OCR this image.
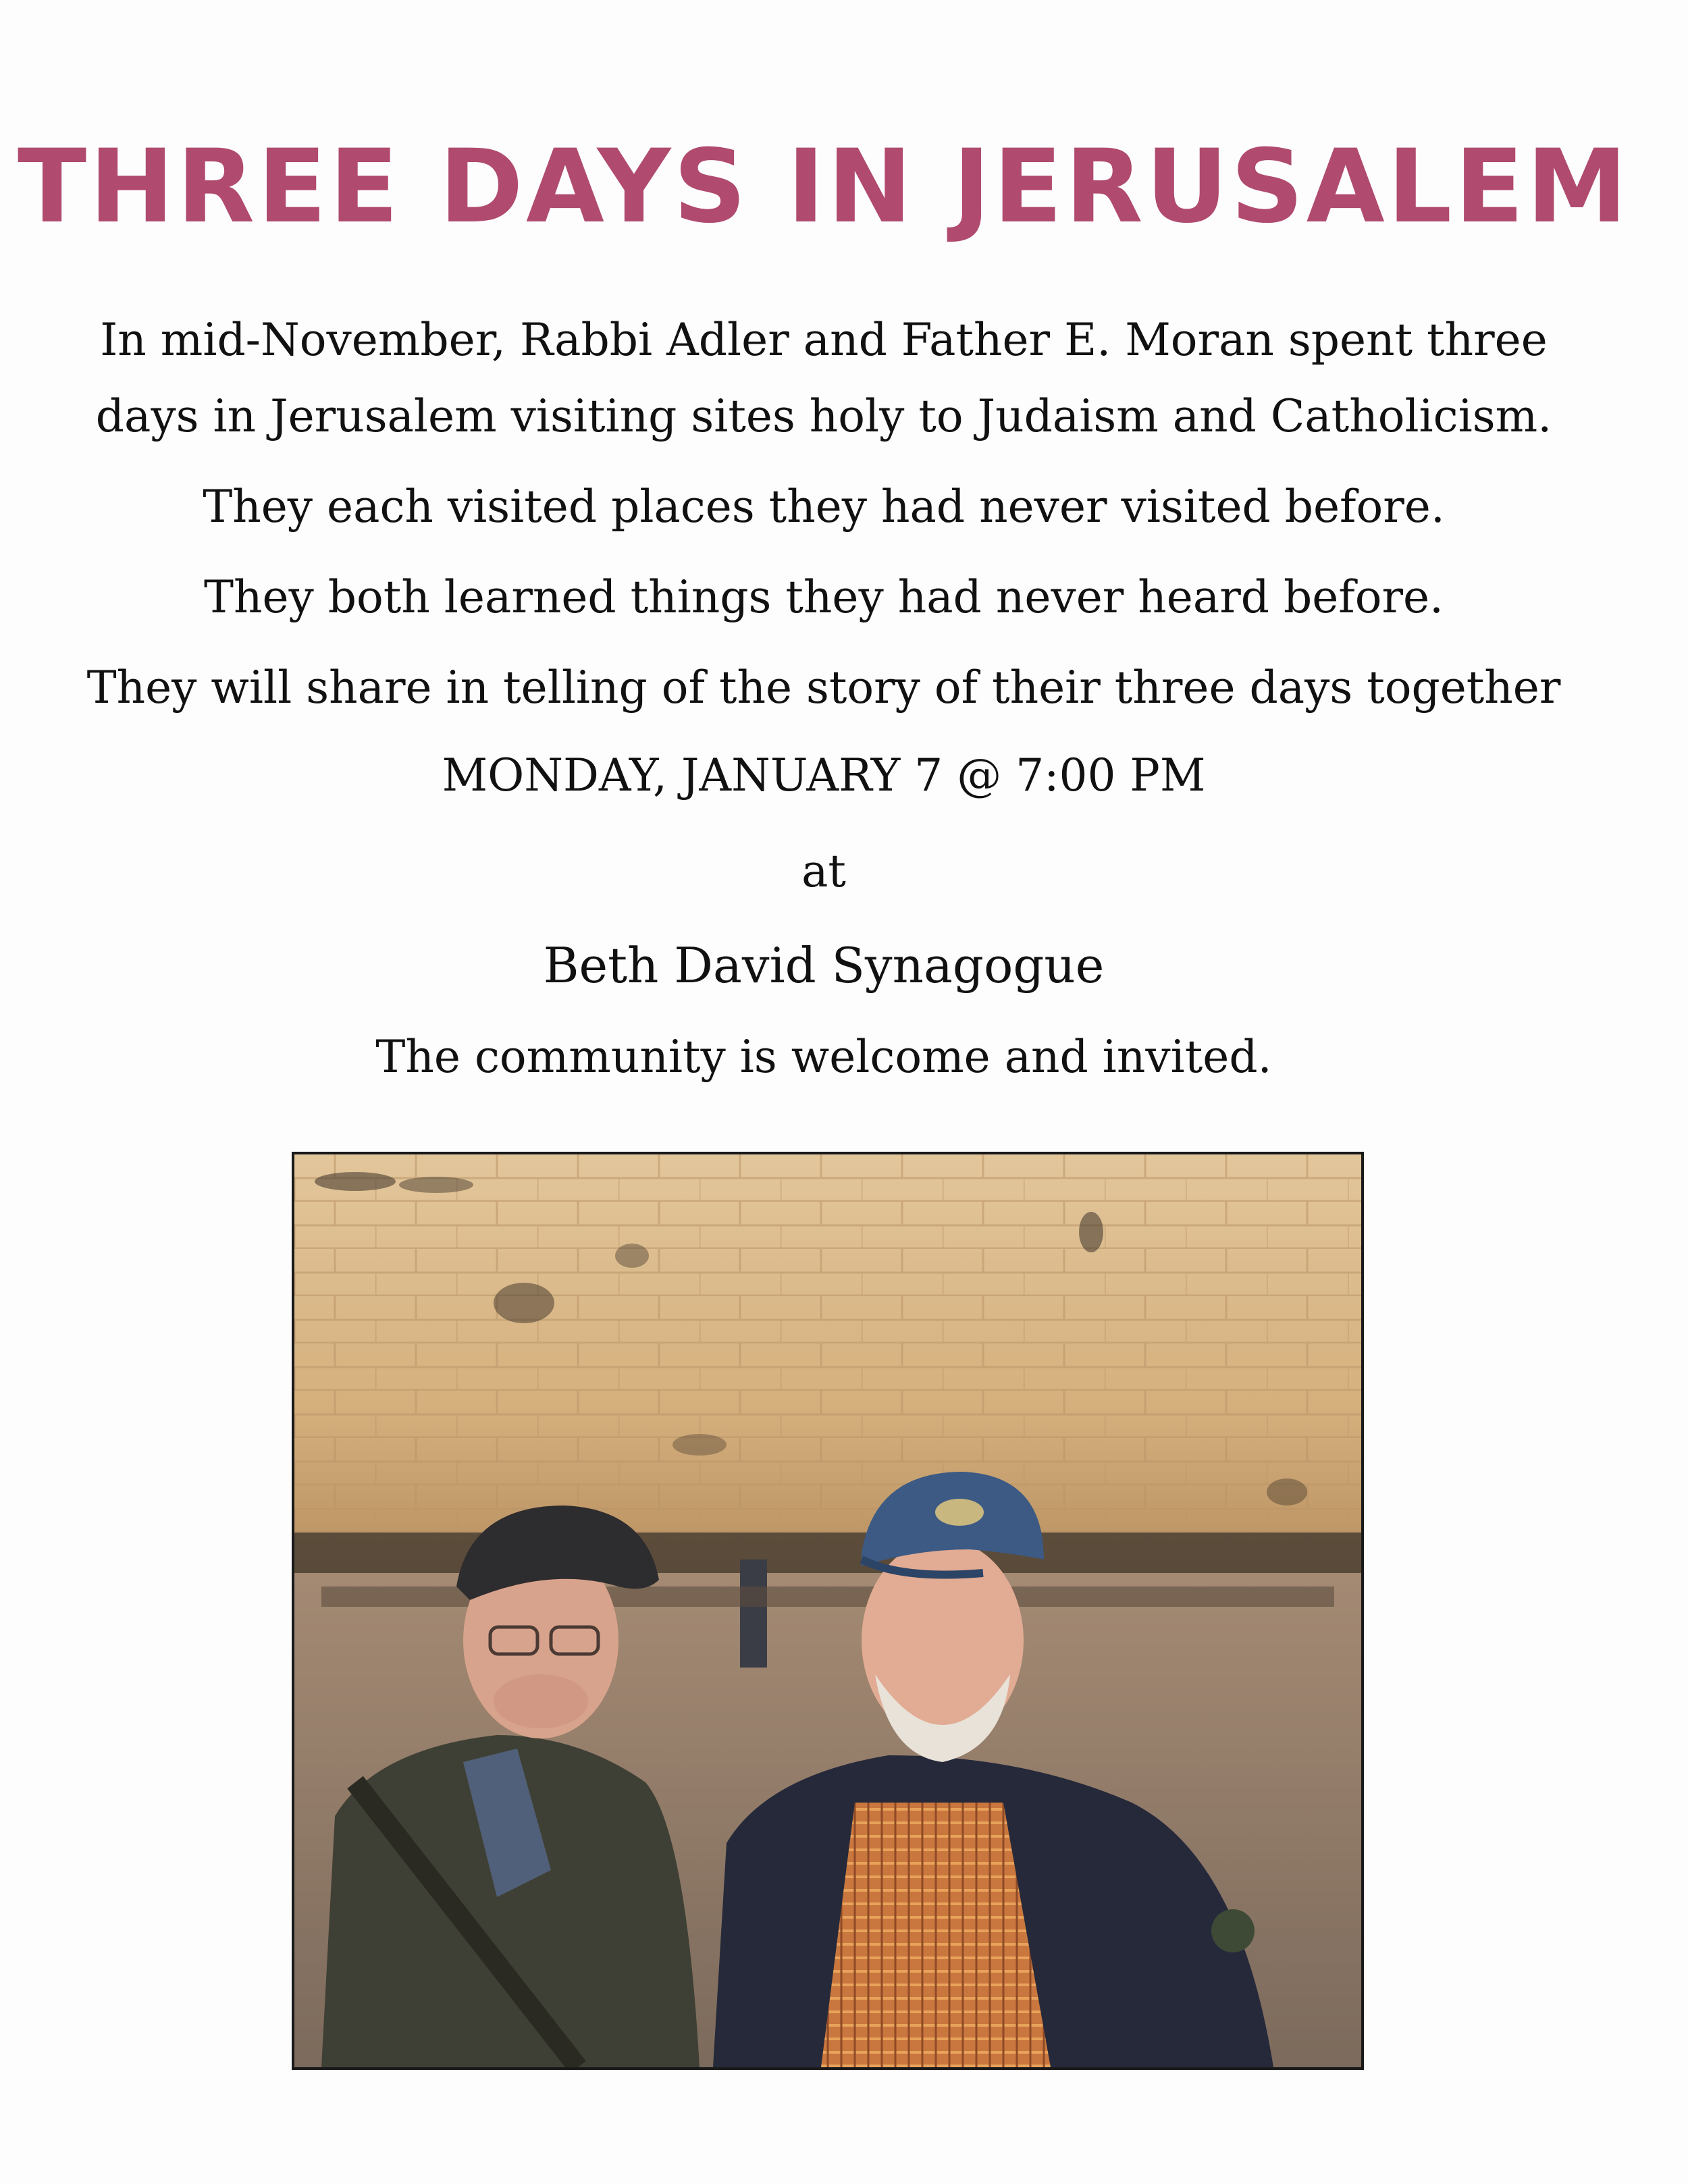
THREE DAYS IN JERUSALEM
In mid-November, Rabbi Adler and Father E. Moran spent three
days in Jerusalem visiting sites holy to Judaism and Catholicism.
They each visited places they had never visited before.
They both learned things they had never heard before.
They will share in telling of the story of their three days together
MONDAY, JANUARY 7 @ 7:00 PM
at
Beth David Synagogue
The community is welcome and invited.
